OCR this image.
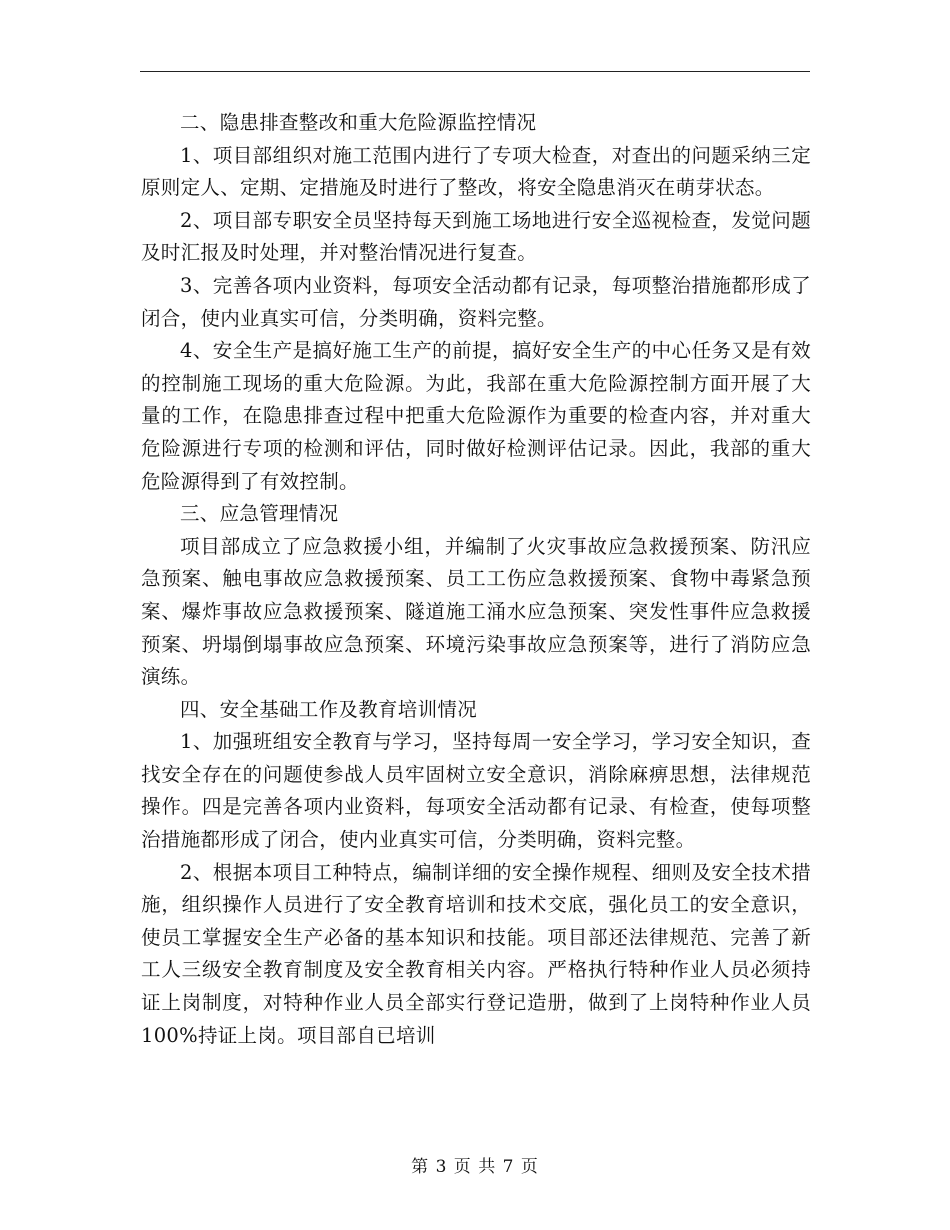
二、隐患排查整改和重大危险源监控情况

1、项目部组织对施工范围内进行了专项大检查，对查出的问题采纳三定原则定人、定期、定措施及时进行了整改，将安全隐患消灭在萌芽状态。

2、项目部专职安全员坚持每天到施工场地进行安全巡视检查，发觉问题及时汇报及时处理，并对整治情况进行复查。

3、完善各项内业资料，每项安全活动都有记录，每项整治措施都形成了闭合，使内业真实可信，分类明确，资料完整。

4、安全生产是搞好施工生产的前提，搞好安全生产的中心任务又是有效的控制施工现场的重大危险源。为此，我部在重大危险源控制方面开展了大量的工作，在隐患排查过程中把重大危险源作为重要的检查内容，并对重大危险源进行专项的检测和评估，同时做好检测评估记录。因此，我部的重大危险源得到了有效控制。

三、应急管理情况

项目部成立了应急救援小组，并编制了火灾事故应急救援预案、防汛应急预案、触电事故应急救援预案、员工工伤应急救援预案、食物中毒紧急预案、爆炸事故应急救援预案、隧道施工涌水应急预案、突发性事件应急救援预案、坍塌倒塌事故应急预案、环境污染事故应急预案等，进行了消防应急演练。

四、安全基础工作及教育培训情况

1、加强班组安全教育与学习，坚持每周一安全学习，学习安全知识，查找安全存在的问题使参战人员牢固树立安全意识，消除麻痹思想，法律规范操作。四是完善各项内业资料，每项安全活动都有记录、有检查，使每项整治措施都形成了闭合，使内业真实可信，分类明确，资料完整。

2、根据本项目工种特点，编制详细的安全操作规程、细则及安全技术措施，组织操作人员进行了安全教育培训和技术交底，强化员工的安全意识，使员工掌握安全生产必备的基本知识和技能。项目部还法律规范、完善了新工人三级安全教育制度及安全教育相关内容。严格执行特种作业人员必须持证上岗制度，对特种作业人员全部实行登记造册，做到了上岗特种作业人员100%持证上岗。项目部自已培训

第 3 页 共 7 页
